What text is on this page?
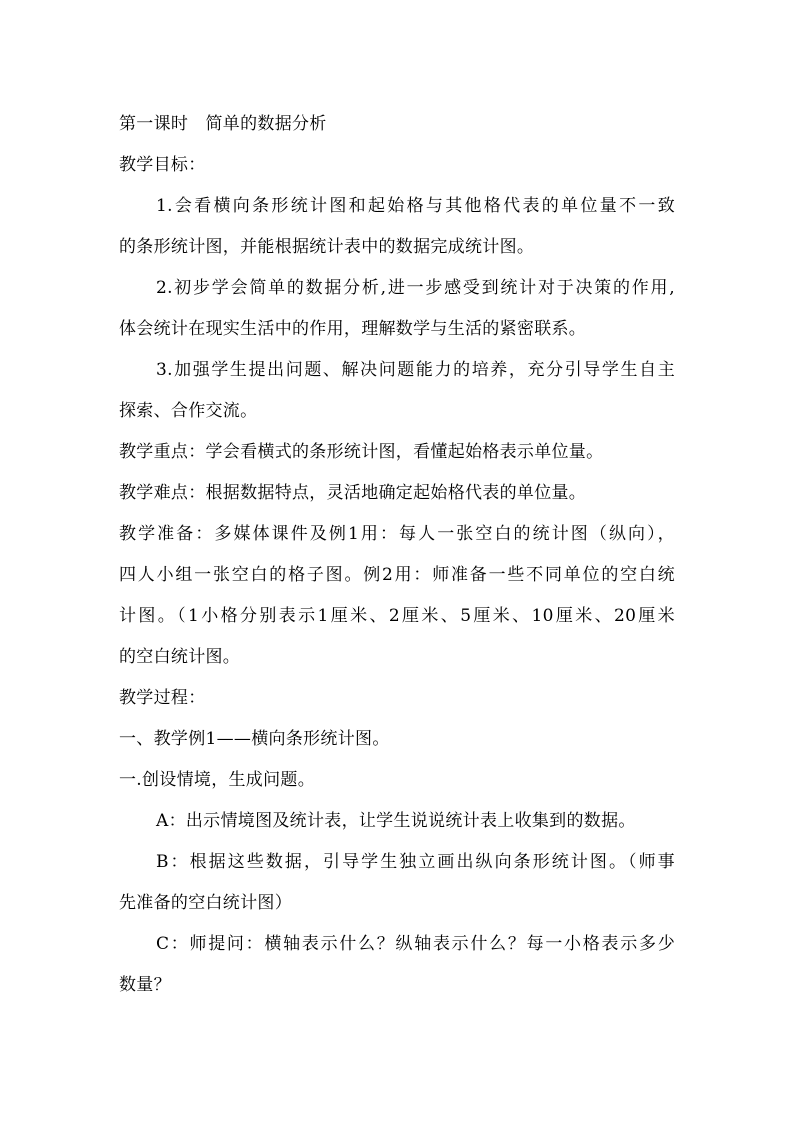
第一课时　简单的数据分析
教学目标：
1.会看横向条形统计图和起始格与其他格代表的单位量不一致
的条形统计图，并能根据统计表中的数据完成统计图。
2.初步学会简单的数据分析,进一步感受到统计对于决策的作用,
体会统计在现实生活中的作用，理解数学与生活的紧密联系。
3.加强学生提出问题、解决问题能力的培养，充分引导学生自主
探索、合作交流。
教学重点：学会看横式的条形统计图，看懂起始格表示单位量。
教学难点：根据数据特点，灵活地确定起始格代表的单位量。
教学准备：多媒体课件及例1用：每人一张空白的统计图（纵向），
四人小组一张空白的格子图。例2用：师准备一些不同单位的空白统
计图。（1小格分别表示1厘米、2厘米、5厘米、10厘米、20厘米
的空白统计图。
教学过程：
一、教学例1——横向条形统计图。
一.创设情境，生成问题。
A：出示情境图及统计表，让学生说说统计表上收集到的数据。
B：根据这些数据，引导学生独立画出纵向条形统计图。（师事
先准备的空白统计图）
C：师提问：横轴表示什么？纵轴表示什么？每一小格表示多少
数量？
